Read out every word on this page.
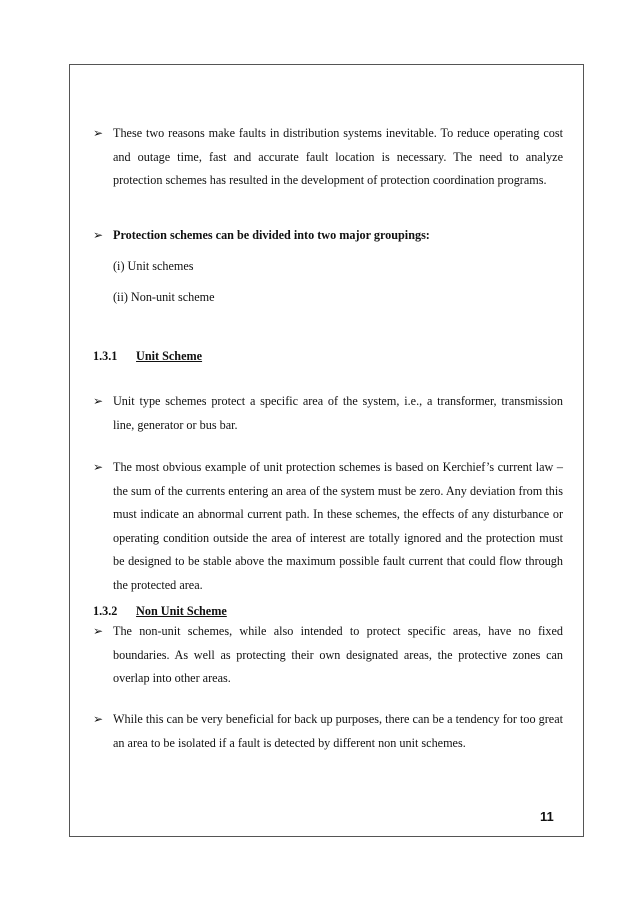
➢ These two reasons make faults in distribution systems inevitable. To reduce operating cost and outage time, fast and accurate fault location is necessary. The need to analyze protection schemes has resulted in the development of protection coordination programs.
➢ Protection schemes can be divided into two major groupings:
(i) Unit schemes
(ii) Non-unit scheme
1.3.1 Unit Scheme
➢ Unit type schemes protect a specific area of the system, i.e., a transformer, transmission line, generator or bus bar.
➢ The most obvious example of unit protection schemes is based on Kerchief’s current law – the sum of the currents entering an area of the system must be zero. Any deviation from this must indicate an abnormal current path. In these schemes, the effects of any disturbance or operating condition outside the area of interest are totally ignored and the protection must be designed to be stable above the maximum possible fault current that could flow through the protected area.
1.3.2 Non Unit Scheme
➢ The non-unit schemes, while also intended to protect specific areas, have no fixed boundaries. As well as protecting their own designated areas, the protective zones can overlap into other areas.
➢ While this can be very beneficial for back up purposes, there can be a tendency for too great an area to be isolated if a fault is detected by different non unit schemes.
11
